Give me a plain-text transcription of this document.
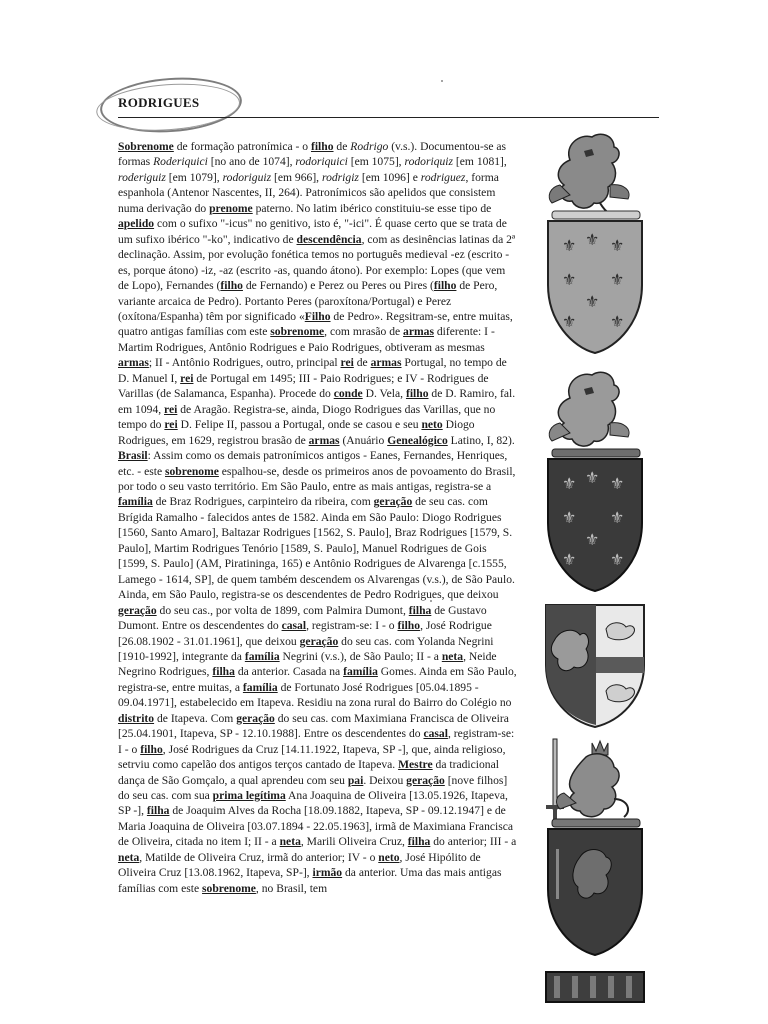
RODRIGUES

Sobrenome de formação patronímica - o filho de Rodrigo (v.s.). Documentou-se as formas Roderiquici [no ano de 1074], rodoriquici [em 1075], rodoriquiz [em 1081], roderiguiz [em 1079], rodoriguiz [em 966], rodrigiz [em 1096] e rodriguez, forma espanhola (Antenor Nascentes, II, 264). Patronímicos são apelidos que consistem numa derivação do prenome paterno. No latim ibérico constituiu-se esse tipo de apelido com o sufixo "-icus" no genitivo, isto é, "-ici". É quase certo que se trata de um sufixo ibérico "-ko", indicativo de descendência, com as desinências latinas da 2ª declinação. Assim, por evolução fonética temos no português medieval -ez (escrito -es, porque átono) -iz, -az (escrito -as, quando átono). Por exemplo: Lopes (que vem de Lopo), Fernandes (filho de Fernando) e Perez ou Peres ou Pires (filho de Pero, variante arcaica de Pedro). Portanto Peres (paroxítona/Portugal) e Perez (oxítona/Espanha) têm por significado «Filho de Pedro». Regsitram-se, entre muitas, quatro antigas famílias com este sobrenome, com mrasão de armas diferente: I - Martim Rodrigues, Antônio Rodrigues e Paio Rodrigues, obtiveram as mesmas armas; II - Antônio Rodrigues, outro, principal rei de armas Portugal, no tempo de D. Manuel I, rei de Portugal em 1495; III - Paio Rodrigues; e IV - Rodrigues de Varillas (de Salamanca, Espanha). Procede do conde D. Vela, filho de D. Ramiro, fal. em 1094, rei de Aragão. Registra-se, ainda, Diogo Rodrigues das Varillas, que no tempo do rei D. Felipe II, passou a Portugal, onde se casou e seu neto Diogo Rodrigues, em 1629, registrou brasão de armas (Anuário Genealógico Latino, I, 82). Brasil: Assim como os demais patronímicos antigos - Eanes, Fernandes, Henriques, etc. - este sobrenome espalhou-se, desde os primeiros anos de povoamento do Brasil, por todo o seu vasto território. Em São Paulo, entre as mais antigas, registra-se a família de Braz Rodrigues, carpinteiro da ribeira, com geração de seu cas. com Brígida Ramalho - falecidos antes de 1582. Ainda em São Paulo: Diogo Rodrigues [1560, Santo Amaro], Baltazar Rodrigues [1562, S. Paulo], Braz Rodrigues [1579, S. Paulo], Martim Rodrigues Tenório [1589, S. Paulo], Manuel Rodrigues de Gois [1599, S. Paulo] (AM, Piratininga, 165) e Antônio Rodrigues de Alvarenga [c.1555, Lamego - 1614, SP], de quem também descendem os Alvarengas (v.s.), de São Paulo. Ainda, em São Paulo, registra-se os descendentes de Pedro Rodrigues, que deixou geração do seu cas., por volta de 1899, com Palmira Dumont, filha de Gustavo Dumont. Entre os descendentes do casal, registram-se: I - o filho, José Rodrigue [26.08.1902 - 31.01.1961], que deixou geração do seu cas. com Yolanda Negrini [1910-1992], integrante da família Negrini (v.s.), de São Paulo; II - a neta, Neide Negrino Rodrigues, filha da anterior. Casada na família Gomes. Ainda em São Paulo, registra-se, entre muitas, a família de Fortunato José Rodrigues [05.04.1895 - 09.04.1971], estabelecido em Itapeva. Residiu na zona rural do Bairro do Colégio no distrito de Itapeva. Com geração do seu cas. com Maximiana Francisca de Oliveira [25.04.1901, Itapeva, SP - 12.10.1988]. Entre os descendentes do casal, registram-se: I - o filho, José Rodrigues da Cruz [14.11.1922, Itapeva, SP -], que, ainda religioso, setrviu como capelão dos antigos terços cantado de Itapeva. Mestre da tradicional dança de São Gomçalo, a qual aprendeu com seu pai. Deixou geração [nove filhos] do seu cas. com sua prima legítima Ana Joaquina de Oliveira [13.05.1926, Itapeva, SP -], filha de Joaquim Alves da Rocha [18.09.1882, Itapeva, SP - 09.12.1947] e de Maria Joaquina de Oliveira [03.07.1894 - 22.05.1963], irmã de Maximiana Francisca de Oliveira, citada no item I; II - a neta, Marili Oliveira Cruz, filha do anterior; III - a neta, Matilde de Oliveira Cruz, irmã do anterior; IV - o neto, José Hipólito de Oliveira Cruz [13.08.1962, Itapeva, SP-], irmão da anterior. Uma das mais antigas famílias com este sobrenome, no Brasil, tem

⚜ ⚜ ⚜
⚜ ⚜
⚜
⚜ ⚜
⚜ ⚜ ⚜
⚜ ⚜
⚜
⚜ ⚜
